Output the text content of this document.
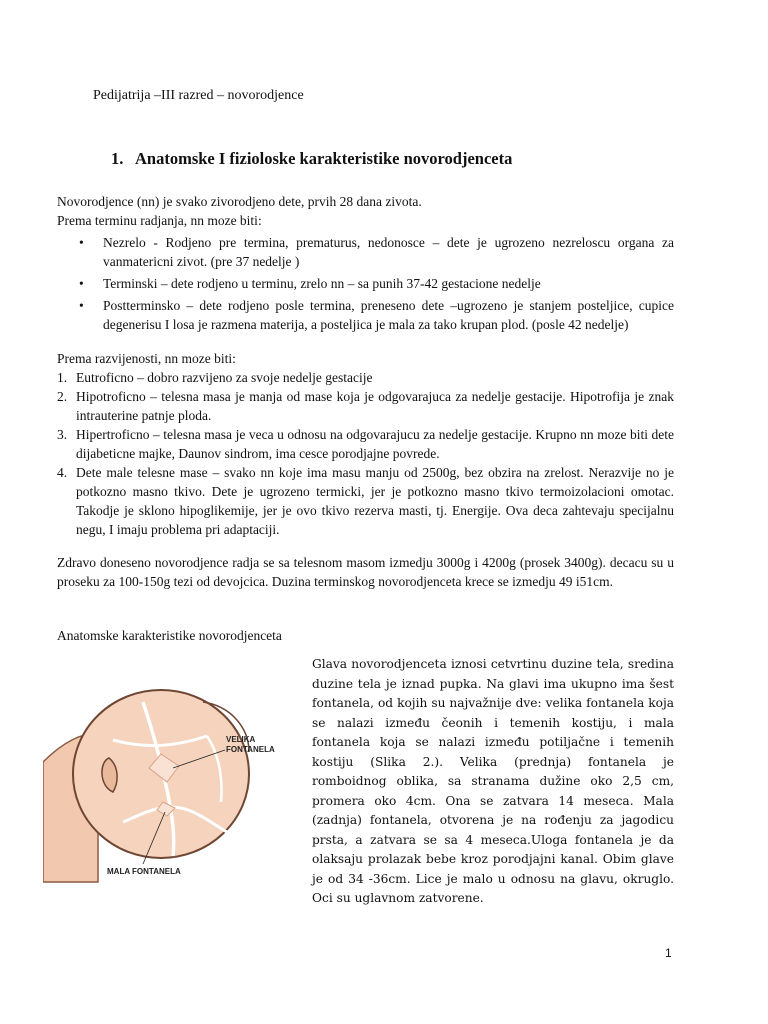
Pedijatrija –III razred – novorodjence
1. Anatomske I fizioloske karakteristike novorodjenceta
Novorodjence (nn) je svako zivorodjeno dete, prvih 28 dana zivota.
Prema terminu radjanja, nn moze biti:
• Nezrelo - Rodjeno pre termina, prematurus, nedonosce – dete je ugrozeno nezreloscu organa za vanmatericni zivot. (pre 37 nedelje )
• Terminski – dete rodjeno u terminu, zrelo nn – sa punih 37-42 gestacione nedelje
• Postterminsko – dete rodjeno posle termina, preneseno dete –ugrozeno je stanjem posteljice, cupice degenerisu I losa je razmena materija, a posteljica je mala za tako krupan plod. (posle 42 nedelje)
Prema razvijenosti, nn moze biti:
1. Eutroficno – dobro razvijeno za svoje nedelje gestacije
2. Hipotroficno – telesna masa je manja od mase koja je odgovarajuca za nedelje gestacije. Hipotrofija je znak intrauterine patnje ploda.
3. Hipertroficno – telesna masa je veca u odnosu na odgovarajucu za nedelje gestacije. Krupno nn moze biti dete dijabeticne majke, Daunov sindrom, ima cesce porodjajne povrede.
4. Dete male telesne mase – svako nn koje ima masu manju od 2500g, bez obzira na zrelost. Nerazvije no je potkozno masno tkivo. Dete je ugrozeno termicki, jer je potkozno masno tkivo termoizolacioni omotac. Takodje je sklono hipoglikemije, jer je ovo tkivo rezerva masti, tj. Energije. Ova deca zahtevaju specijalnu negu, I imaju problema pri adaptaciji.
Zdravo doneseno novorodjence radja se sa telesnom masom izmedju 3000g i 4200g (prosek 3400g). decacu su u proseku za 100-150g tezi od devojcica. Duzina terminskog novorodjenceta krece se izmedju 49 i51cm.
Anatomske karakteristike novorodjenceta
VELIKA FONTANELA
MALA FONTANELA
Glava novorodjenceta iznosi cetvrtinu duzine tela, sredina duzine tela je iznad pupka. Na glavi ima ukupno ima šest fontanela, od kojih su najvažnije dve: velika fontanela koja se nalazi između čeonih i temenih kostiju, i mala fontanela koja se nalazi između potiljačne i temenih kostiju (Slika 2.). Velika (prednja) fontanela je romboidnog oblika, sa stranama dužine oko 2,5 cm, promera oko 4cm. Ona se zatvara 14 meseca. Mala (zadnja) fontanela, otvorena je na rođenju za jagodicu prsta, a zatvara se sa 4 meseca.Uloga fontanela je da olaksaju prolazak bebe kroz porodjajni kanal. Obim glave je od 34 -36cm. Lice je malo u odnosu na glavu, okruglo. Oci su uglavnom zatvorene.
1
